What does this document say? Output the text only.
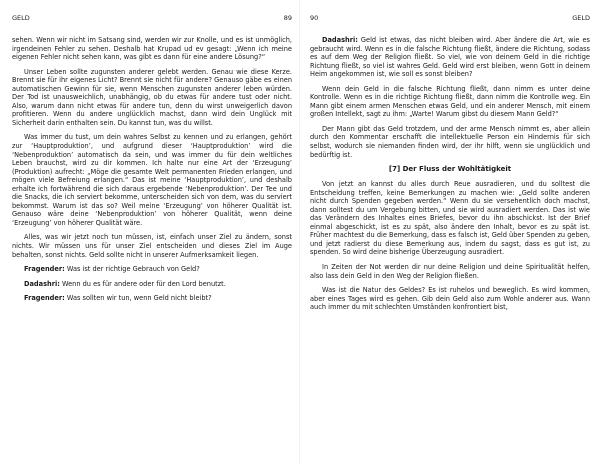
GELD	89

sehen. Wenn wir nicht im Satsang sind, werden wir zur Knolle, und es ist unmöglich, irgendeinen Fehler zu sehen. Deshalb hat Krupad ud ev gesagt: „Wenn ich meine eigenen Fehler nicht sehen kann, was gibt es dann für eine andere Lösung?“

Unser Leben sollte zugunsten anderer gelebt werden. Genau wie diese Kerze. Brennt sie für ihr eigenes Licht? Brennt sie nicht für andere? Genauso gäbe es einen automatischen Gewinn für sie, wenn Menschen zugunsten anderer leben würden. Der Tod ist unausweichlich, unabhängig, ob du etwas für andere tust oder nicht. Also, warum dann nicht etwas für andere tun, denn du wirst unweigerlich davon profitieren. Wenn du andere unglücklich machst, dann wird dein Unglück mit Sicherheit darin enthalten sein. Du kannst tun, was du willst.

Was immer du tust, um dein wahres Selbst zu kennen und zu erlangen, gehört zur ‘Hauptproduktion’, und aufgrund dieser ‘Hauptproduktion’ wird die ‘Nebenproduktion’ automatisch da sein, und was immer du für dein weltliches Leben brauchst, wird zu dir kommen. Ich halte nur eine Art der ‘Erzeugung’ (Produktion) aufrecht: „Möge die gesamte Welt permanenten Frieden erlangen, und mögen viele Befreiung erlangen.“ Das ist meine ‘Hauptproduktion’, und deshalb erhalte ich fortwährend die sich daraus ergebende ‘Nebenproduktion’. Der Tee und die Snacks, die ich serviert bekomme, unterscheiden sich von dem, was du serviert bekommst. Warum ist das so? Weil meine ‘Erzeugung’ von höherer Qualität ist. Genauso wäre deine ‘Nebenproduktion’ von höherer Qualität, wenn deine ‘Erzeugung’ von höherer Qualität wäre.

Alles, was wir jetzt noch tun müssen, ist, einfach unser Ziel zu ändern, sonst nichts. Wir müssen uns für unser Ziel entscheiden und dieses Ziel im Auge behalten, sonst nichts. Geld sollte nicht in unserer Aufmerksamkeit liegen.

Fragender: Was ist der richtige Gebrauch von Geld?

Dadashri: Wenn du es für andere oder für den Lord benutzt.

Fragender: Was sollten wir tun, wenn Geld nicht bleibt?

90	GELD

Dadashri: Geld ist etwas, das nicht bleiben wird. Aber ändere die Art, wie es gebraucht wird. Wenn es in die falsche Richtung fließt, ändere die Richtung, sodass es auf dem Weg der Religion fließt. So viel, wie von deinem Geld in die richtige Richtung fließt, so viel ist wahres Geld. Geld wird erst bleiben, wenn Gott in deinem Heim angekommen ist, wie soll es sonst bleiben?

Wenn dein Geld in die falsche Richtung fließt, dann nimm es unter deine Kontrolle. Wenn es in die richtige Richtung fließt, dann nimm die Kontrolle weg. Ein Mann gibt einem armen Menschen etwas Geld, und ein anderer Mensch, mit einem großen Intellekt, sagt zu ihm: „Warte! Warum gibst du diesem Mann Geld?“

Der Mann gibt das Geld trotzdem, und der arme Mensch nimmt es, aber allein durch den Kommentar erschafft die intellektuelle Person ein Hindernis für sich selbst, wodurch sie niemanden finden wird, der ihr hilft, wenn sie unglücklich und bedürftig ist.

[7] Der Fluss der Wohltätigkeit

Von jetzt an kannst du alles durch Reue ausradieren, und du solltest die Entscheidung treffen, keine Bemerkungen zu machen wie: „Geld sollte anderen nicht durch Spenden gegeben werden.“ Wenn du sie versehentlich doch machst, dann solltest du um Vergebung bitten, und sie wird ausradiert werden. Das ist wie das Verändern des Inhaltes eines Briefes, bevor du ihn abschickst. Ist der Brief einmal abgeschickt, ist es zu spät, also ändere den Inhalt, bevor es zu spät ist. Früher machtest du die Bemerkung, dass es falsch ist, Geld über Spenden zu geben, und jetzt radierst du diese Bemerkung aus, indem du sagst, dass es gut ist, zu spenden. So wird deine bisherige Überzeugung ausradiert.

In Zeiten der Not werden dir nur deine Religion und deine Spiritualität helfen, also lass dein Geld in den Weg der Religion fließen.

Was ist die Natur des Geldes? Es ist ruhelos und beweglich. Es wird kommen, aber eines Tages wird es gehen. Gib dein Geld also zum Wohle anderer aus. Wann auch immer du mit schlechten Umständen konfrontiert bist,
